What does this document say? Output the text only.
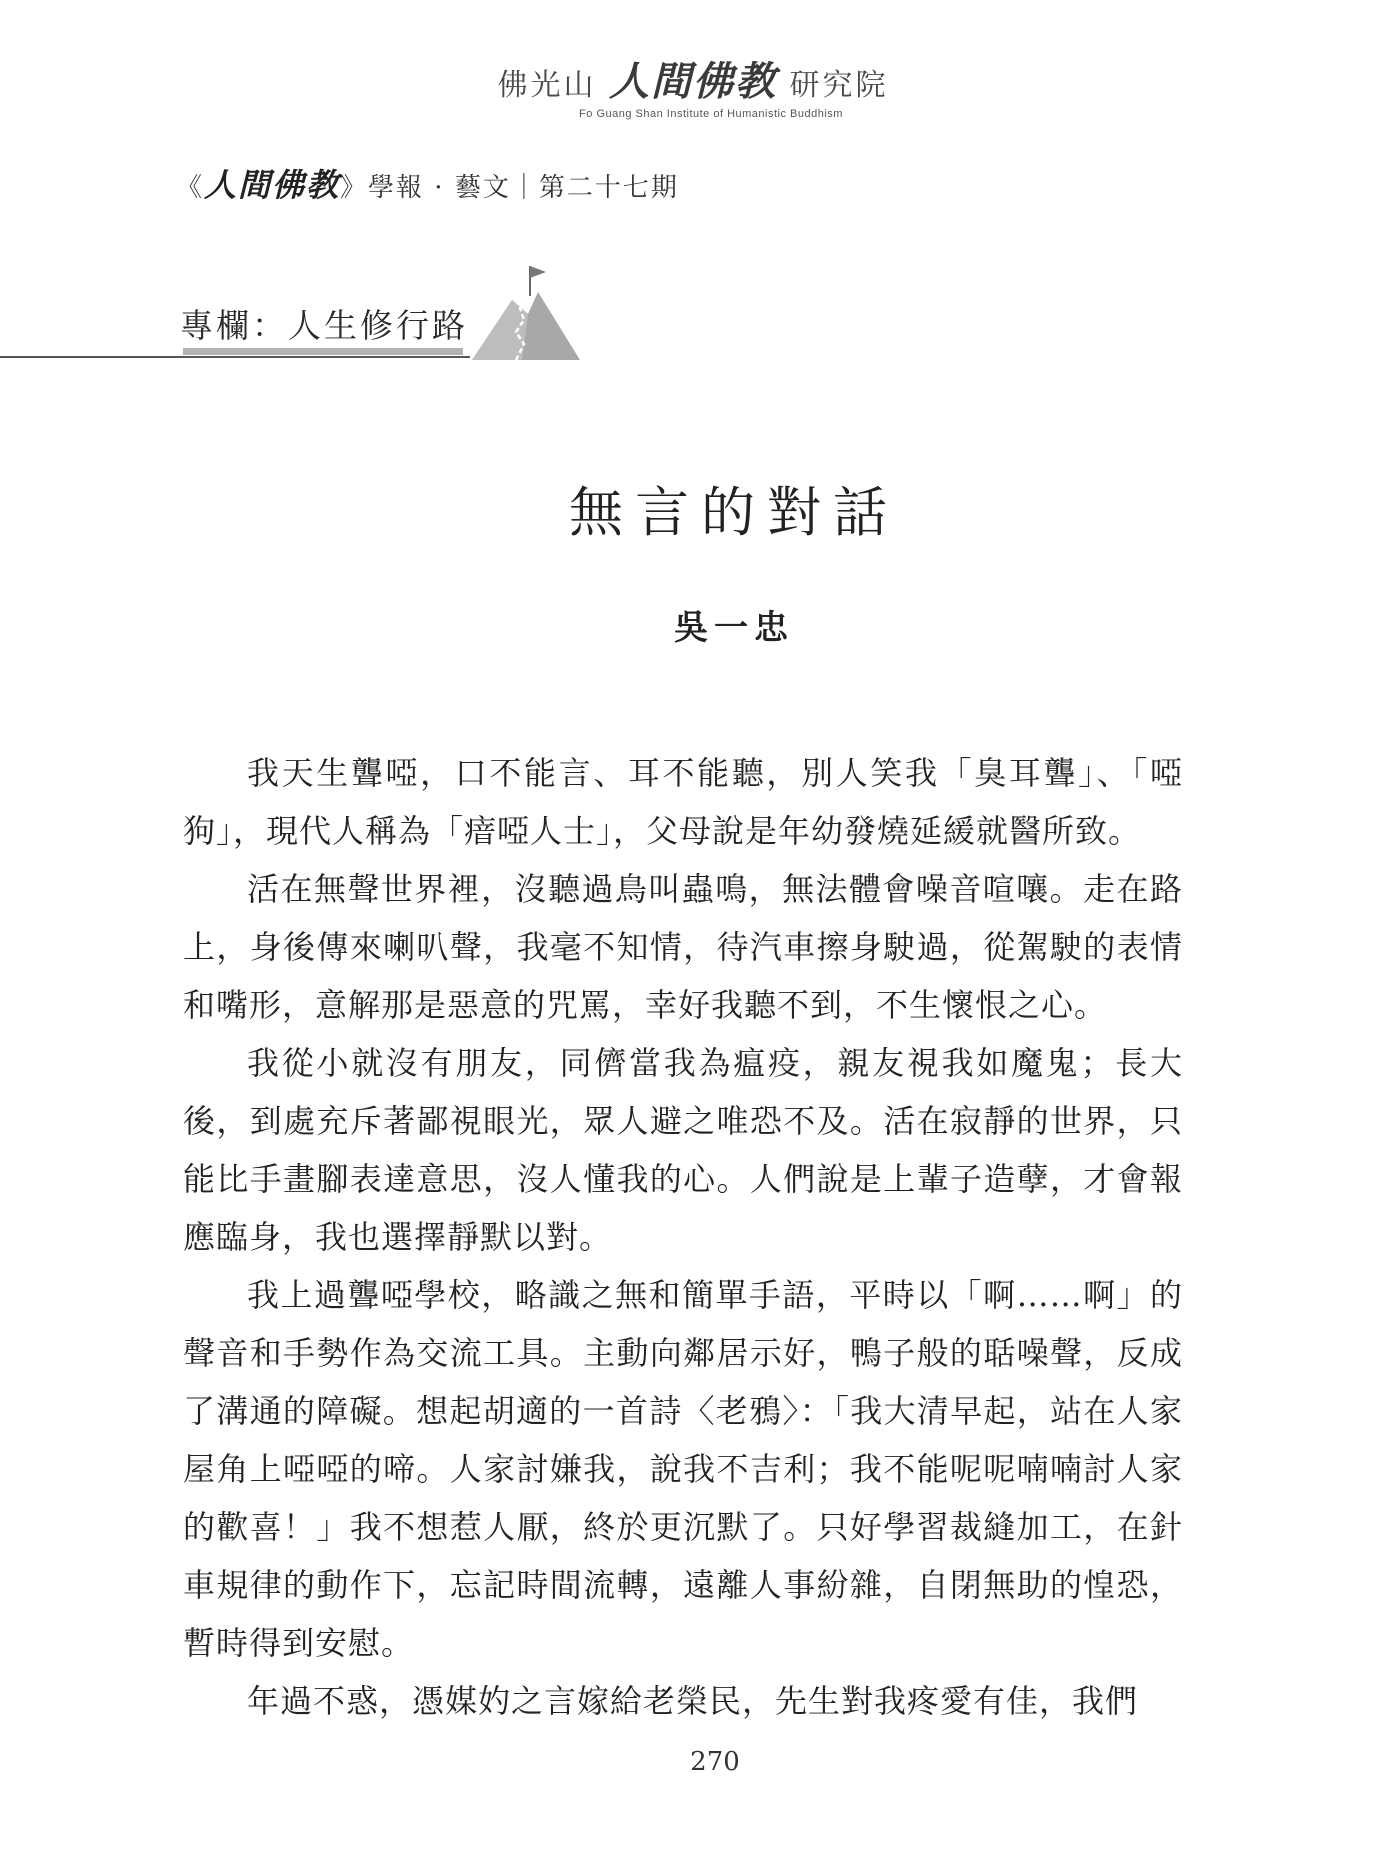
佛光山 人間佛教 研究院
Fo Guang Shan Institute of Humanistic Buddhism
《人間佛教》學報 · 藝文｜第二十七期
專欄：人生修行路
無言的對話
吳一忠

我天生聾啞，口不能言、耳不能聽，別人笑我「臭耳聾」、「啞狗」，現代人稱為「瘖啞人士」，父母說是年幼發燒延緩就醫所致。

活在無聲世界裡，沒聽過鳥叫蟲鳴，無法體會噪音喧嚷。走在路上，身後傳來喇叭聲，我毫不知情，待汽車擦身駛過，從駕駛的表情和嘴形，意解那是惡意的咒罵，幸好我聽不到，不生懷恨之心。

我從小就沒有朋友，同儕當我為瘟疫，親友視我如魔鬼；長大後，到處充斥著鄙視眼光，眾人避之唯恐不及。活在寂靜的世界，只能比手畫腳表達意思，沒人懂我的心。人們說是上輩子造孽，才會報應臨身，我也選擇靜默以對。

我上過聾啞學校，略識之無和簡單手語，平時以「啊……啊」的聲音和手勢作為交流工具。主動向鄰居示好，鴨子般的聒噪聲，反成了溝通的障礙。想起胡適的一首詩〈老鴉〉：「我大清早起，站在人家屋角上啞啞的啼。人家討嫌我，說我不吉利；我不能呢呢喃喃討人家的歡喜！」我不想惹人厭，終於更沉默了。只好學習裁縫加工，在針車規律的動作下，忘記時間流轉，遠離人事紛雜，自閉無助的惶恐，暫時得到安慰。

年過不惑，憑媒妁之言嫁給老榮民，先生對我疼愛有佳，我們

270
